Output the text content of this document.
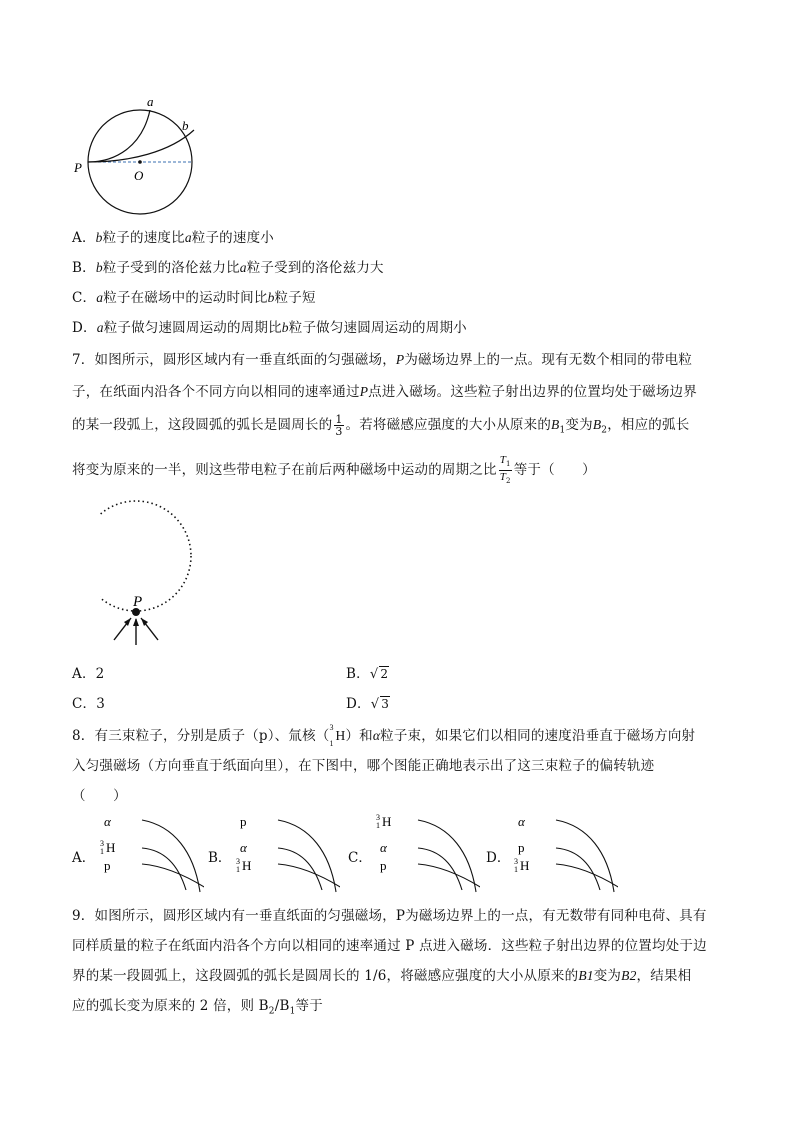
a
b
P
O
A．b粒子的速度比a粒子的速度小
B．b粒子受到的洛伦兹力比a粒子受到的洛伦兹力大
C．a粒子在磁场中的运动时间比b粒子短
D．a粒子做匀速圆周运动的周期比b粒子做匀速圆周运动的周期小
7．如图所示，圆形区域内有一垂直纸面的匀强磁场，P为磁场边界上的一点。现有无数个相同的带电粒
子，在纸面内沿各个不同方向以相同的速率通过P点进入磁场。这些粒子射出边界的位置均处于磁场边界
的某一段弧上，这段圆弧的弧长是圆周长的 $\frac{1}{3}$ 。若将磁感应强度的大小从原来的$B_1$变为$B_2$，相应的弧长
将变为原来的一半，则这些带电粒子在前后两种磁场中运动的周期之比 $\frac{T_1}{T_2}$ 等于（　　）
P
A．2	B．√ 2
C．3	D．√ 3
8．有三束粒子，分别是质子（p）、氚核（
3
1
H）和α粒子束，如果它们以相同的速度沿垂直于磁场方向射
入匀强磁场（方向垂直于纸面向里），在下图中，哪个图能正确地表示出了这三束粒子的偏转轨迹
（　　）
A．
α
3
1 H
p	B．
p
α
3
1 H	C．
3
1 H
α
p	D．
α
p
3
1 H
9．如图所示，圆形区域内有一垂直纸面的匀强磁场，P为磁场边界上的一点，有无数带有同种电荷、具有
同样质量的粒子在纸面内沿各个方向以相同的速率通过 P 点进入磁场．这些粒子射出边界的位置均处于边
界的某一段圆弧上，这段圆弧的弧长是圆周长的 1/6，将磁感应强度的大小从原来的B1变为B2，结果相
应的弧长变为原来的 2 倍，则 $B_2/B_1$等于
